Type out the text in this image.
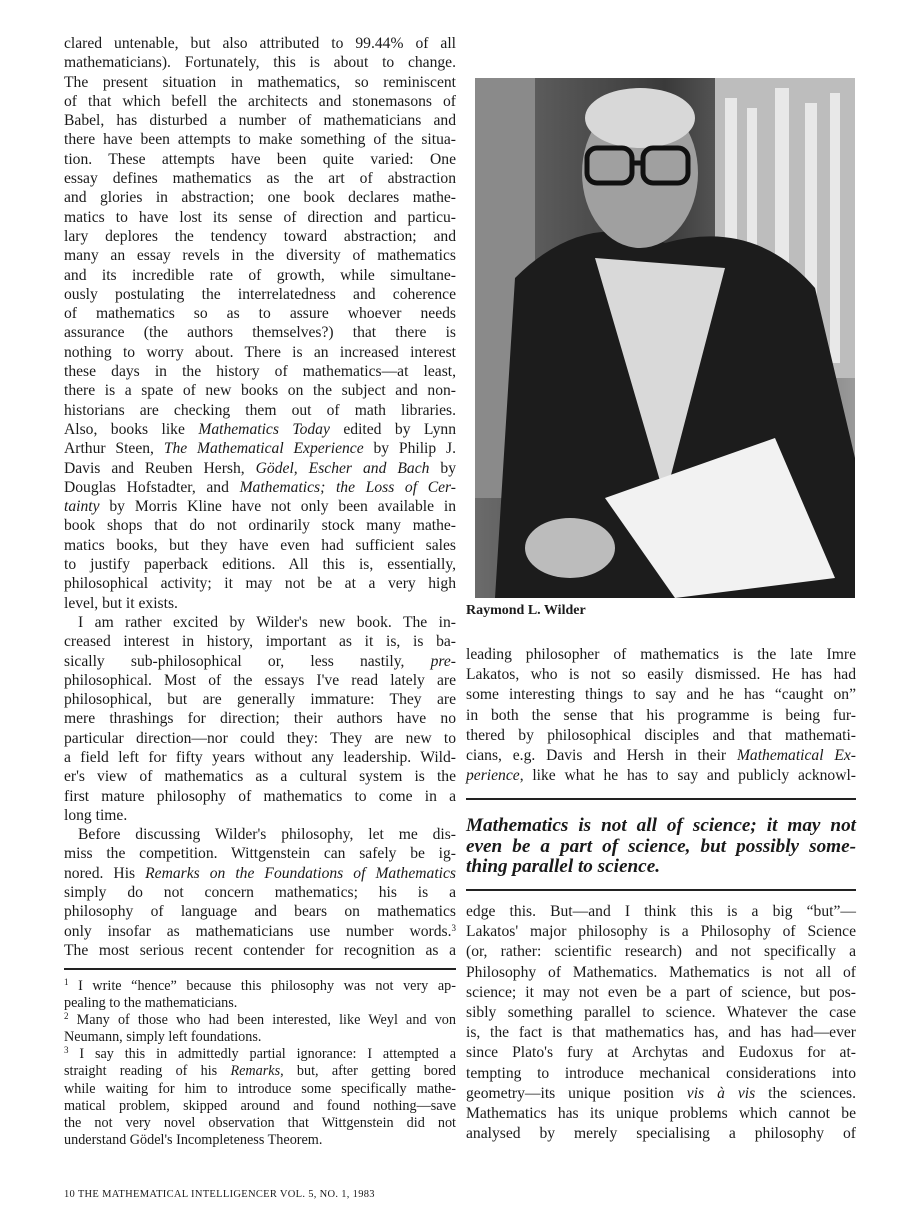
clared untenable, but also attributed to 99.44% of all
mathematicians). Fortunately, this is about to change.
The present situation in mathematics, so reminiscent
of that which befell the architects and stonemasons of
Babel, has disturbed a number of mathematicians and
there have been attempts to make something of the situa-
tion. These attempts have been quite varied: One
essay defines mathematics as the art of abstraction
and glories in abstraction; one book declares mathe-
matics to have lost its sense of direction and particu-
lary deplores the tendency toward abstraction; and
many an essay revels in the diversity of mathematics
and its incredible rate of growth, while simultane-
ously postulating the interrelatedness and coherence
of mathematics so as to assure whoever needs
assurance (the authors themselves?) that there is
nothing to worry about. There is an increased interest
these days in the history of mathematics—at least,
there is a spate of new books on the subject and non-
historians are checking them out of math libraries.
Also, books like Mathematics Today edited by Lynn
Arthur Steen, The Mathematical Experience by Philip J.
Davis and Reuben Hersh, Gödel, Escher and Bach by
Douglas Hofstadter, and Mathematics; the Loss of Cer-
tainty by Morris Kline have not only been available in
book shops that do not ordinarily stock many mathe-
matics books, but they have even had sufficient sales
to justify paperback editions. All this is, essentially,
philosophical activity; it may not be at a very high
level, but it exists.
I am rather excited by Wilder's new book. The in-
creased interest in history, important as it is, is ba-
sically sub-philosophical or, less nastily, pre-
philosophical. Most of the essays I've read lately are
philosophical, but are generally immature: They are
mere thrashings for direction; their authors have no
particular direction—nor could they: They are new to
a field left for fifty years without any leadership. Wild-
er's view of mathematics as a cultural system is the
first mature philosophy of mathematics to come in a
long time.
Before discussing Wilder's philosophy, let me dis-
miss the competition. Wittgenstein can safely be ig-
nored. His Remarks on the Foundations of Mathematics
simply do not concern mathematics; his is a
philosophy of language and bears on mathematics
only insofar as mathematicians use number words.$^3$
The most serious recent contender for recognition as a
$^1$ I write “hence” because this philosophy was not very ap-
pealing to the mathematicians.
$^2$ Many of those who had been interested, like Weyl and von
Neumann, simply left foundations.
$^3$ I say this in admittedly partial ignorance: I attempted a
straight reading of his Remarks, but, after getting bored
while waiting for him to introduce some specifically mathe-
matical problem, skipped around and found nothing—save
the not very novel observation that Wittgenstein did not
understand Gödel's Incompleteness Theorem.
Raymond L. Wilder
leading philosopher of mathematics is the late Imre
Lakatos, who is not so easily dismissed. He has had
some interesting things to say and he has “caught on”
in both the sense that his programme is being fur-
thered by philosophical disciples and that mathemati-
cians, e.g. Davis and Hersh in their Mathematical Ex-
perience, like what he has to say and publicly acknowl-
Mathematics is not all of science; it may not
even be a part of science, but possibly some-
thing parallel to science.
edge this. But—and I think this is a big “but”—
Lakatos' major philosophy is a Philosophy of Science
(or, rather: scientific research) and not specifically a
Philosophy of Mathematics. Mathematics is not all of
science; it may not even be a part of science, but pos-
sibly something parallel to science. Whatever the case
is, the fact is that mathematics has, and has had—ever
since Plato's fury at Archytas and Eudoxus for at-
tempting to introduce mechanical considerations into
geometry—its unique position vis à vis the sciences.
Mathematics has its unique problems which cannot be
analysed by merely specialising a philosophy of
10 THE MATHEMATICAL INTELLIGENCER VOL. 5, NO. 1, 1983
